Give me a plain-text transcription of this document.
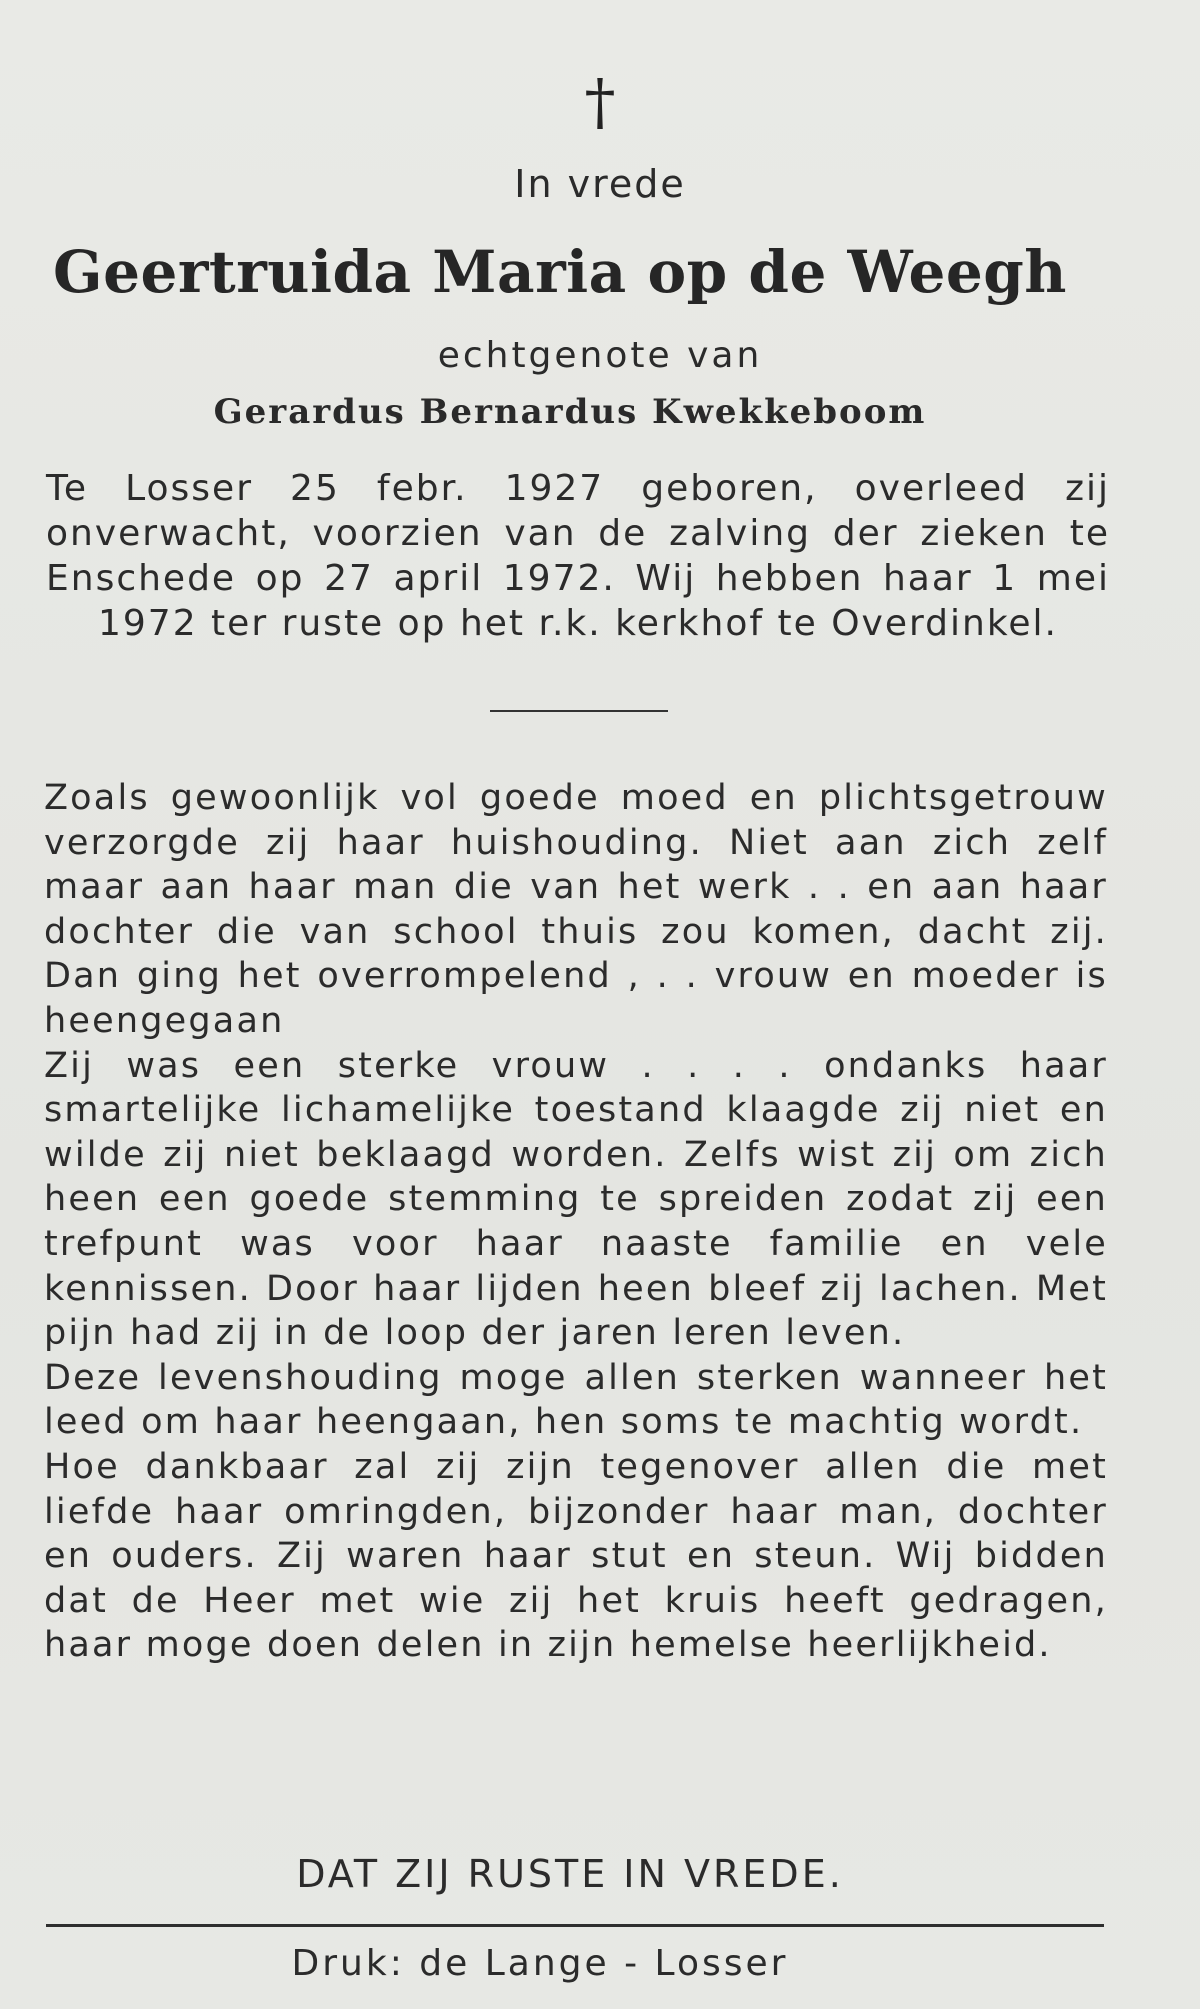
†
In vrede
Geertruida Maria op de Weegh
echtgenote van
Gerardus Bernardus Kwekkeboom
Te Losser 25 febr. 1927 geboren, overleed zij onverwacht, voorzien van de zalving der zieken te Enschede op 27 april 1972. Wij hebben haar 1 mei 1972 ter ruste op het r.k. kerkhof te Overdinkel.

Zoals gewoonlijk vol goede moed en plichtsgetrouw verzorgde zij haar huishouding. Niet aan zich zelf maar aan haar man die van het werk . . en aan haar dochter die van school thuis zou komen, dacht zij. Dan ging het overrompelend , . . vrouw en moeder is heengegaan

Zij was een sterke vrouw . . . . ondanks haar smartelijke lichamelijke toestand klaagde zij niet en wilde zij niet beklaagd worden. Zelfs wist zij om zich heen een goede stemming te spreiden zodat zij een trefpunt was voor haar naaste familie en vele kennissen. Door haar lijden heen bleef zij lachen. Met pijn had zij in de loop der jaren leren leven.

Deze levenshouding moge allen sterken wanneer het leed om haar heengaan, hen soms te machtig wordt.

Hoe dankbaar zal zij zijn tegenover allen die met liefde haar omringden, bijzonder haar man, dochter en ouders. Zij waren haar stut en steun. Wij bidden dat de Heer met wie zij het kruis heeft gedragen, haar moge doen delen in zijn hemelse heerlijkheid.

DAT ZIJ RUSTE IN VREDE.
Druk: de Lange - Losser
